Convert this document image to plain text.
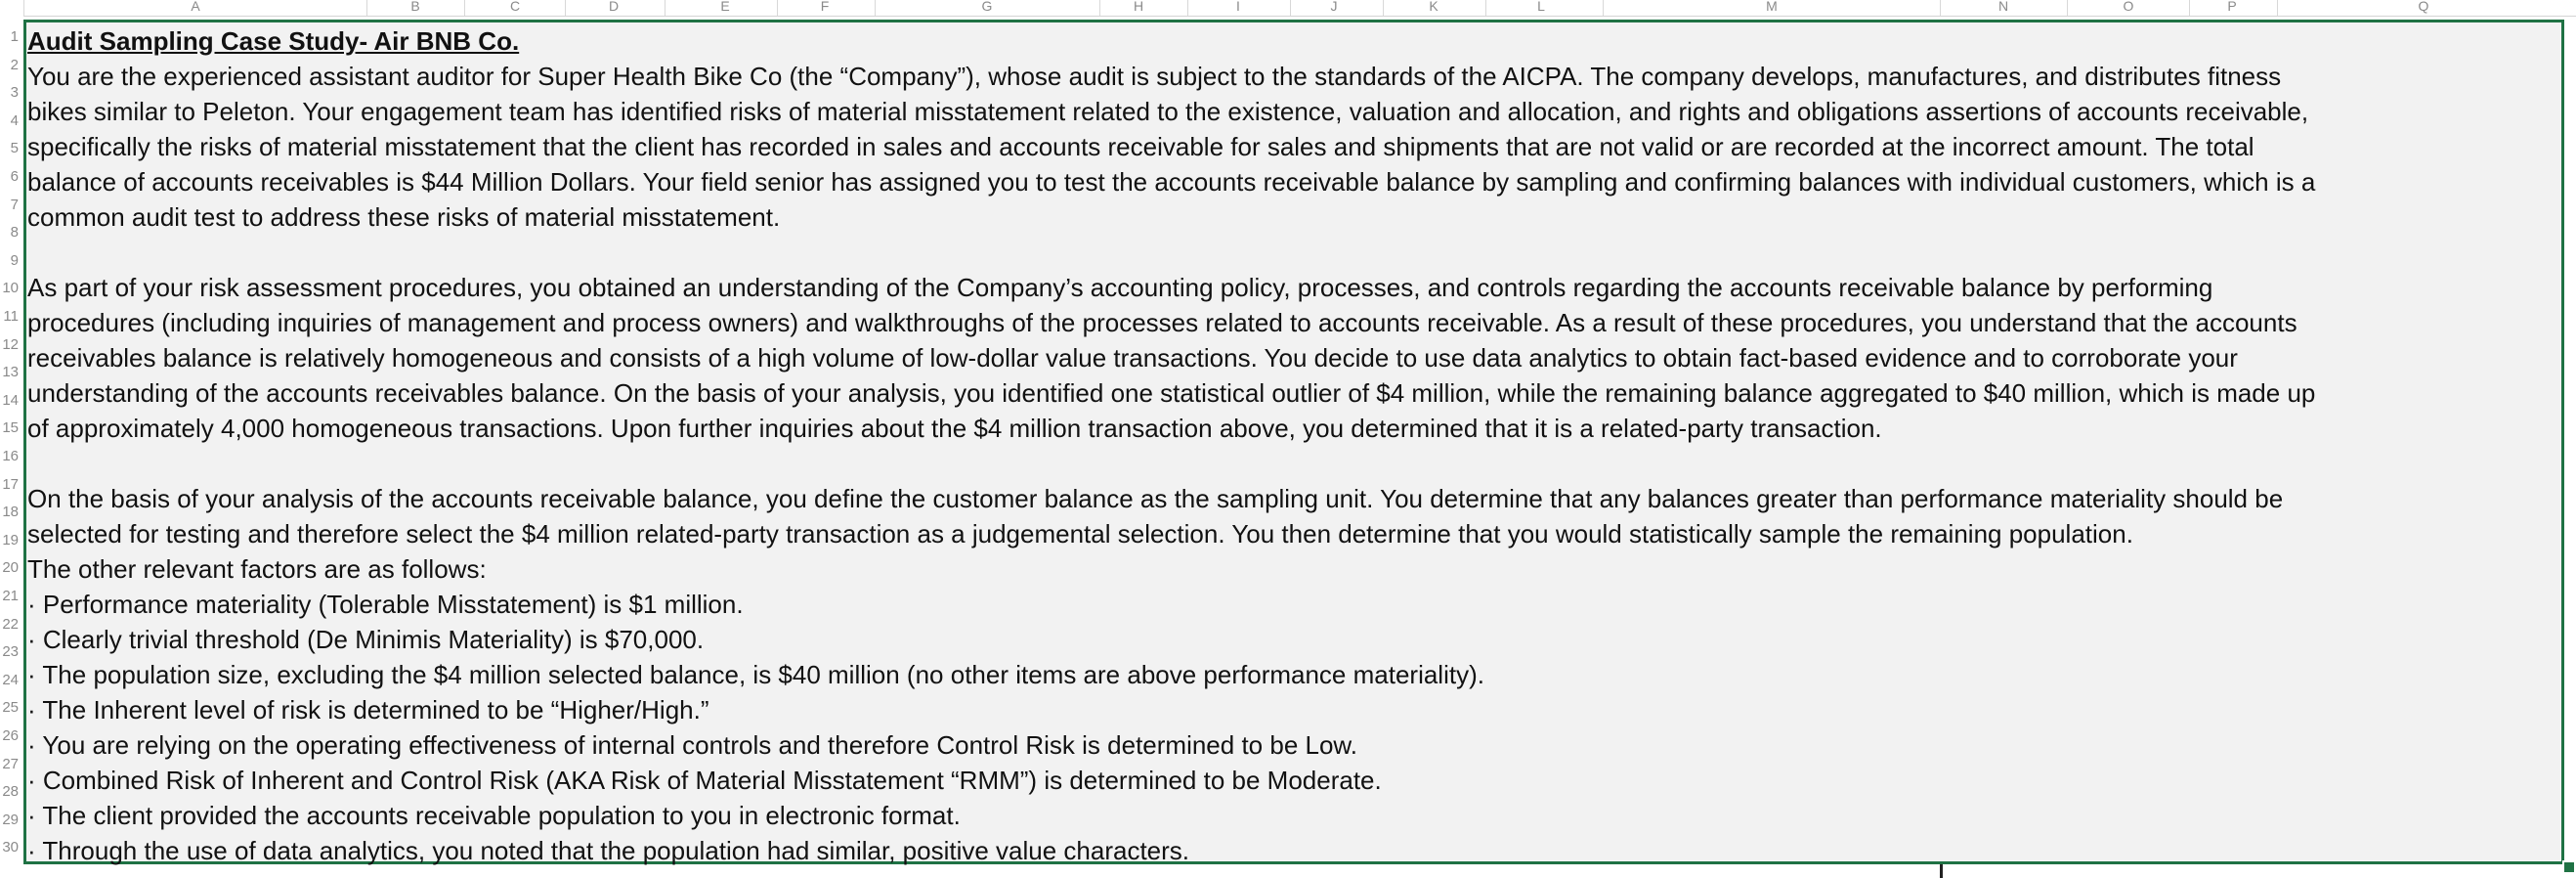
A	B	C	D	E	F	G	H	I	J	K	L	M	N	O	P	Q
1
2
3
4
5
6
7
8
9
10
11
12
13
14
15
16
17
18
19
20
21
22
23
24
25
26
27
28
29
30

Audit Sampling Case Study- Air BNB Co.

You are the experienced assistant auditor for Super Health Bike Co (the “Company”), whose audit is subject to the standards of the AICPA. The company develops, manufactures, and distributes fitness

bikes similar to Peleton. Your engagement team has identified risks of material misstatement related to the existence, valuation and allocation, and rights and obligations assertions of accounts receivable,

specifically the risks of material misstatement that the client has recorded in sales and accounts receivable for sales and shipments that are not valid or are recorded at the incorrect amount. The total

balance of accounts receivables is $44 Million Dollars. Your field senior has assigned you to test the accounts receivable balance by sampling and confirming balances with individual customers, which is a

common audit test to address these risks of material misstatement.

As part of your risk assessment procedures, you obtained an understanding of the Company’s accounting policy, processes, and controls regarding the accounts receivable balance by performing

procedures (including inquiries of management and process owners) and walkthroughs of the processes related to accounts receivable. As a result of these procedures, you understand that the accounts

receivables balance is relatively homogeneous and consists of a high volume of low-dollar value transactions. You decide to use data analytics to obtain fact-based evidence and to corroborate your

understanding of the accounts receivables balance. On the basis of your analysis, you identified one statistical outlier of $4 million, while the remaining balance aggregated to $40 million, which is made up

of approximately 4,000 homogeneous transactions. Upon further inquiries about the $4 million transaction above, you determined that it is a related-party transaction.

On the basis of your analysis of the accounts receivable balance, you define the customer balance as the sampling unit. You determine that any balances greater than performance materiality should be

selected for testing and therefore select the $4 million related-party transaction as a judgemental selection. You then determine that you would statistically sample the remaining population.

The other relevant factors are as follows:

· Performance materiality (Tolerable Misstatement) is $1 million.

· Clearly trivial threshold (De Minimis Materiality) is $70,000.

· The population size, excluding the $4 million selected balance, is $40 million (no other items are above performance materiality).

· The Inherent level of risk is determined to be “Higher/High.”

· You are relying on the operating effectiveness of internal controls and therefore Control Risk is determined to be Low.

· Combined Risk of Inherent and Control Risk (AKA Risk of Material Misstatement “RMM”) is determined to be Moderate.

· The client provided the accounts receivable population to you in electronic format.

· Through the use of data analytics, you noted that the population had similar, positive value characters.
